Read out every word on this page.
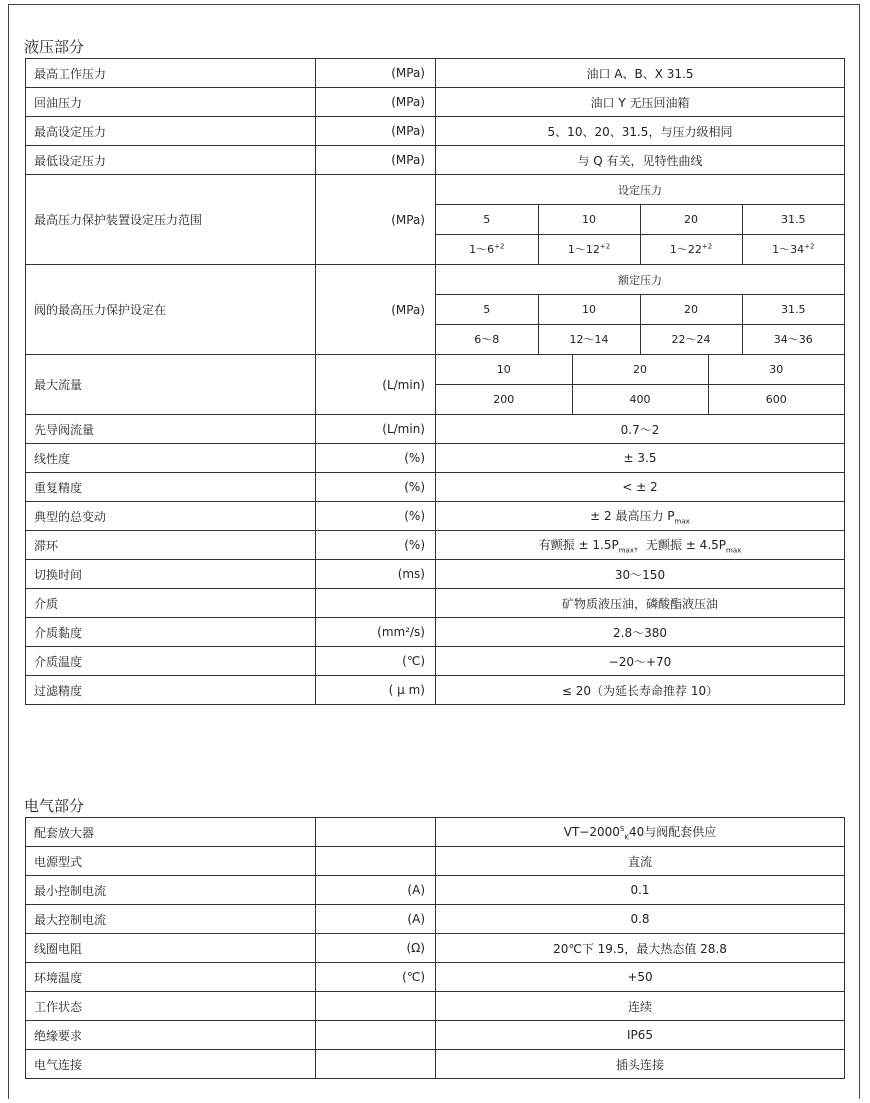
液压部分
最高工作压力	(MPa)	油口 A、B、X 31.5
回油压力	(MPa)	油口 Y 无压回油箱
最高设定压力	(MPa)	5、10、20、31.5，与压力级相同
最低设定压力	(MPa)	与 Q 有关，见特性曲线
最高压力保护装置设定压力范围	(MPa)	
设定压力
5	10	20	31.5
$1\sim 6^{+2}$	$1\sim 12^{+2}$	$1\sim 22^{+2}$	$1\sim 34^{+2}$

阀的最高压力保护设定在	(MPa)	
额定压力
5	10	20	31.5
6～8	12～14	22～24	34～36

最大流量	(L/min)	
10	20	30
200	400	600

先导阀流量	(L/min)	0.7～2
线性度	(%)	± 3.5
重复精度	(%)	< ± 2
典型的总变动	(%)	± 2 最高压力 $P_{max}$
滞环	(%)	有颤振 ± $1.5P_{max}$，无颤振 ± $4.5P_{max}$
切换时间	(ms)	30～150
介质		矿物质液压油，磷酸酯液压油
介质黏度	(mm²/s)	2.8～380
介质温度	(℃)	−20～+70
过滤精度	( μ m)	≤ 20（为延长寿命推荐 10）
电气部分
配套放大器		$VT-2000^S_K40$与阀配套供应
电源型式		直流
最小控制电流	(A)	0.1
最大控制电流	(A)	0.8
线圈电阻	(Ω)	20℃下 19.5，最大热态值 28.8
环境温度	(℃)	+50
工作状态		连续
绝缘要求		IP65
电气连接		插头连接
